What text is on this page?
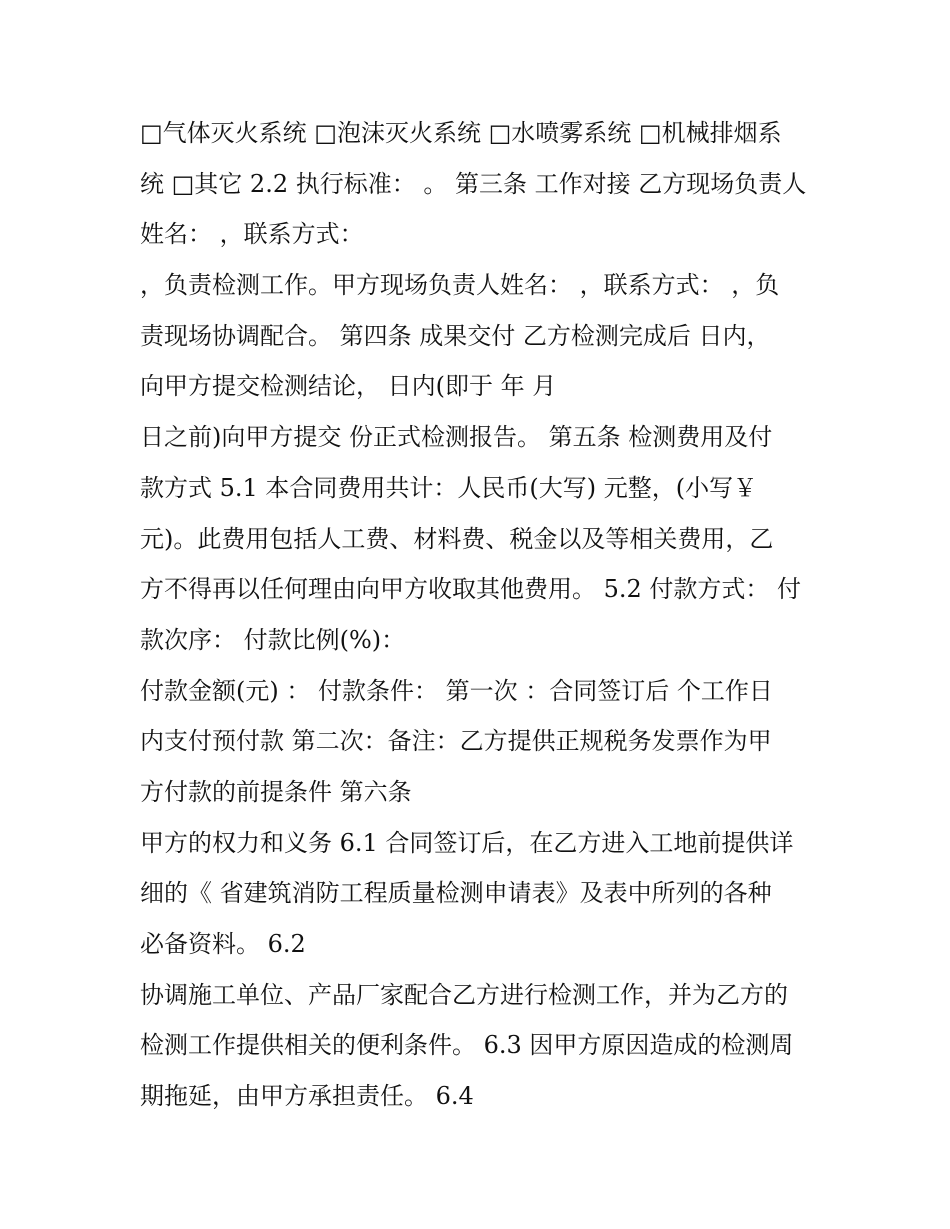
□气体灭火系统 □泡沫灭火系统 □水喷雾系统 □机械排烟系
统 □其它 2.2 执行标准： 。 第三条 工作对接 乙方现场负责人
姓名： ，联系方式：
，负责检测工作。甲方现场负责人姓名： ，联系方式： ，负
责现场协调配合。 第四条 成果交付 乙方检测完成后 日内，
向甲方提交检测结论， 日内(即于 年 月
日之前)向甲方提交 份正式检测报告。 第五条 检测费用及付
款方式 5.1 本合同费用共计：人民币(大写) 元整，(小写￥
元)。此费用包括人工费、材料费、税金以及等相关费用，乙
方不得再以任何理由向甲方收取其他费用。 5.2 付款方式： 付
款次序： 付款比例(%)：
付款金额(元) ： 付款条件： 第一次 ：合同签订后 个工作日
内支付预付款 第二次：备注：乙方提供正规税务发票作为甲
方付款的前提条件 第六条
甲方的权力和义务 6.1 合同签订后，在乙方进入工地前提供详
细的《 省建筑消防工程质量检测申请表》及表中所列的各种
必备资料。 6.2
协调施工单位、产品厂家配合乙方进行检测工作，并为乙方的
检测工作提供相关的便利条件。 6.3 因甲方原因造成的检测周
期拖延，由甲方承担责任。 6.4
